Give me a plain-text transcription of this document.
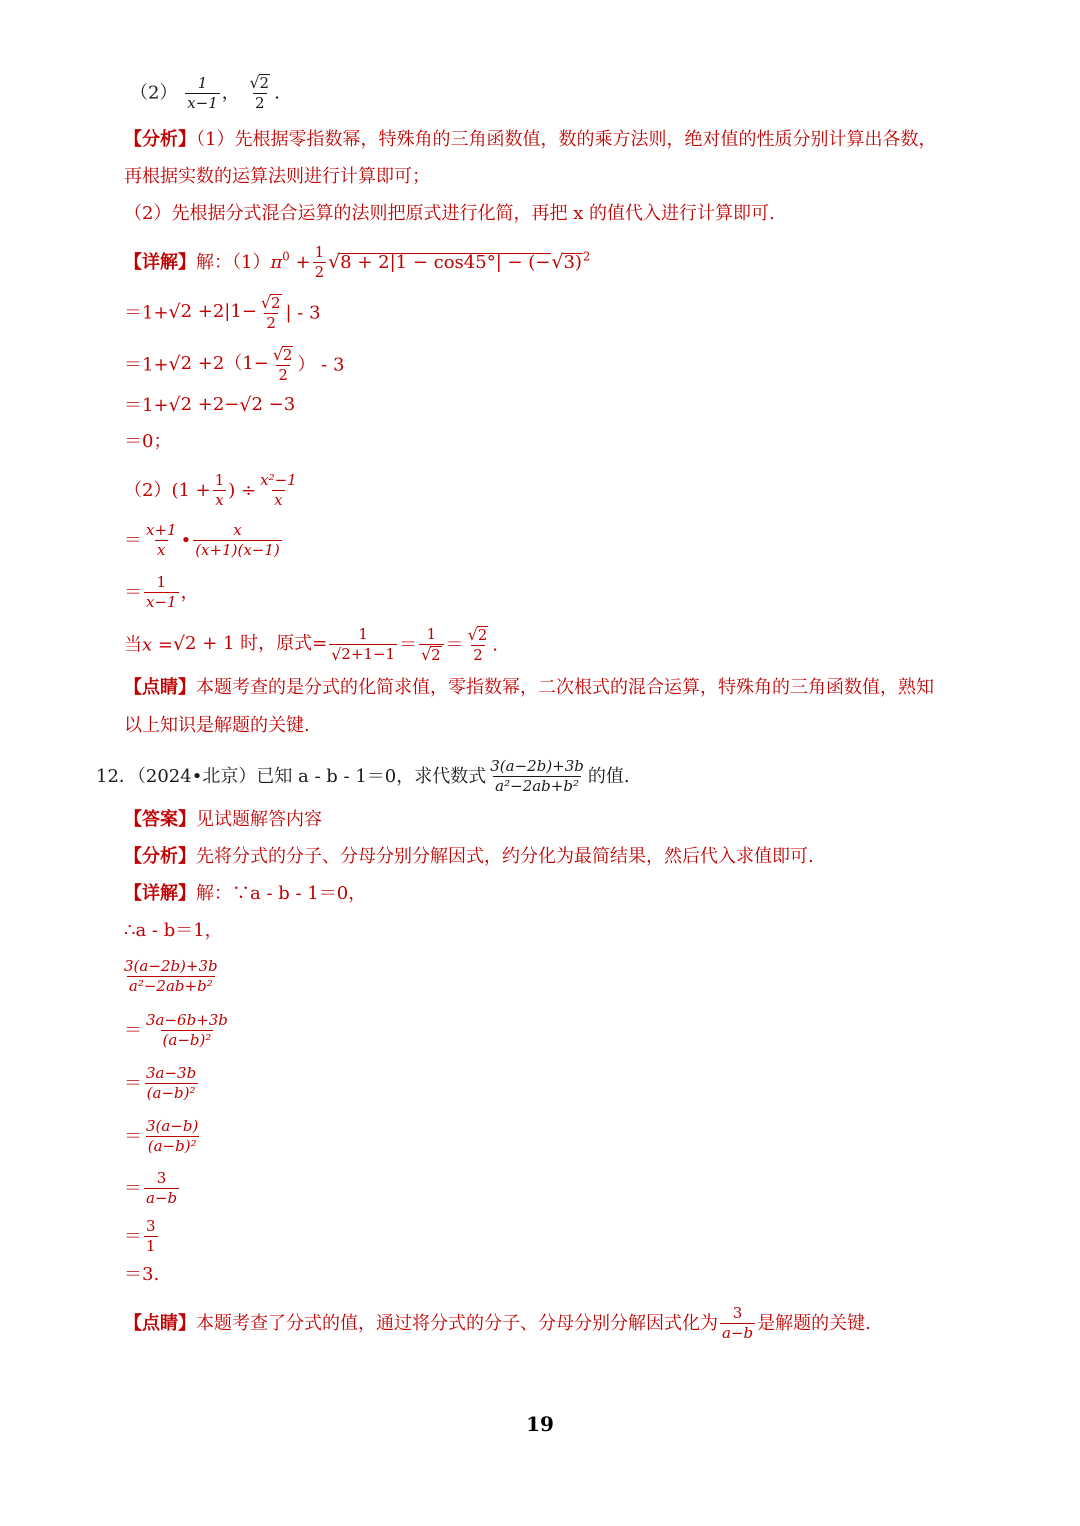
$(2) \frac{1}{x-1}$ ， $\frac{√ 2}{2}$ .
【分析】（1）先根据零指数幂，特殊角的三角函数值，数的乘方法则，绝对值的性质分别计算出各数，
再根据实数的运算法则进行计算即可；
（2）先根据分式混合运算的法则把原式进行化简，再把 x 的值代入进行计算即可.
【详解】解：$(1)\pi^0 + \frac{1}{2}$ √ 8 + 2|1 − cos45°| − (− √ 3) $^2$
＝1+ √ $2 +2|1- \frac{√ 2}{2}$ | - 3
＝1+ √ $2 +2(1- \frac{√ 2}{2}$ ） - 3
＝1+ √ 2 +2− √ 2 −3
＝0；
$(2)(1 + \frac{1}{x}$ ) ÷ $\frac{\text{x²−1}}{x}$
＝ $\frac{x+1}{x}$ • $\frac{x}{(x+1)(x-1)}$
＝ $\frac{1}{x-1}$ ，
当x = √ 2 + 1 时，原式= $\frac{1}{√ 2+1-1} = \frac{1}{√ 2} = \frac{√ 2}{2}$ .
【点睛】本题考查的是分式的化简求值，零指数幂，二次根式的混合运算，特殊角的三角函数值，熟知
以上知识是解题的关键.
12．（2024•北京）已知 a - b - 1＝0，求代数式 $\frac{3(a-2b)+3b}{\text{a²−2ab+b²}}$ 的值.
【答案】见试题解答内容
【分析】先将分式的分子、分母分别分解因式，约分化为最简结果，然后代入求值即可.
【详解】解：∵a - b - 1＝0，
∴a - b＝1，
$\frac{3(a-2b)+3b}{\text{a²−2ab+b²}}$
＝ $\frac{3a-6b+3b}{\text{(a−b)²}}$
＝ $\frac{3a-3b}{\text{(a−b)²}}$
＝ $\frac{3(a-b)}{\text{(a−b)²}}$
＝ $\frac{3}{a-b}$
＝ $\frac{3}{1}$
＝3.
【点睛】本题考查了分式的值，通过将分式的分子、分母分别分解因式化为 $\frac{3}{a-b}$ 是解题的关键.
19
